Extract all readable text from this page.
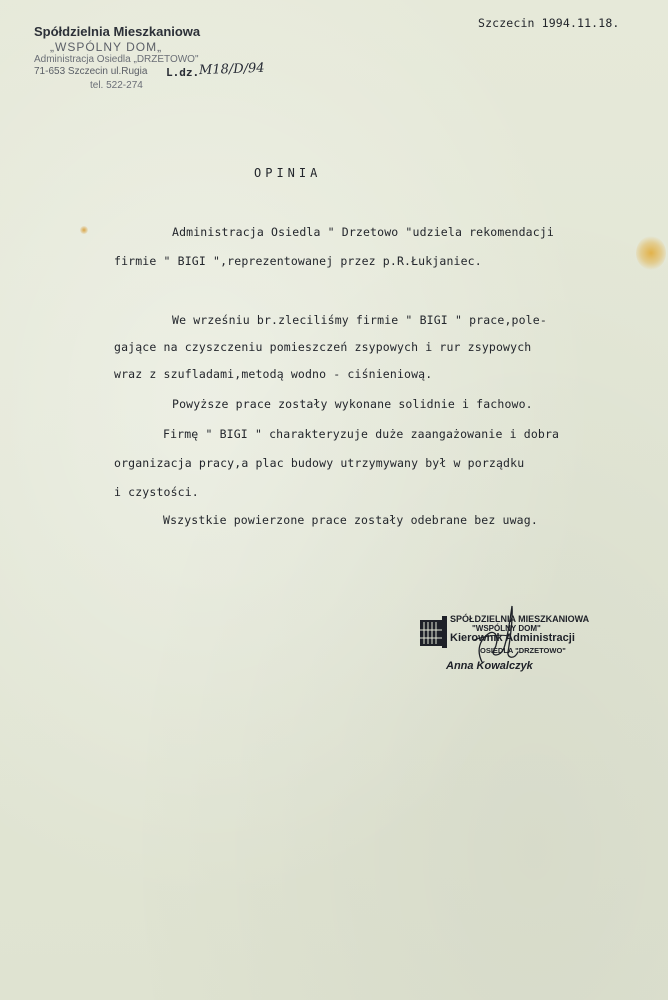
Spółdzielnia Mieszkaniowa
„WSPÓLNY DOM„
Administracja Osiedla „DRZETOWO"
71-653 Szczecin ul.Rugia
tel. 522-274
L.dz. M18/D/94
Szczecin 1994.11.18.
OPINIA
Administracja Osiedla " Drzetowo "udziela rekomendacji
firmie " BIGI ",reprezentowanej przez p.R.Łukjaniec.
We wrześniu br.zleciliśmy firmie " BIGI " prace,pole-
gające na czyszczeniu pomieszczeń zsypowych i rur zsypowych
wraz z szufladami,metodą wodno - ciśnieniową.
Powyższe prace zostały wykonane solidnie i fachowo.
Firmę " BIGI " charakteryzuje duże zaangażowanie i dobra
organizacja pracy,a plac budowy utrzymywany był w porządku
i czystości.
Wszystkie powierzone prace zostały odebrane bez uwag.
SPÓŁDZIELNIA MIESZKANIOWA
"WSPÓLNY DOM"
Kierownik Administracji
OSIEDLA "DRZETOWO"
Anna Kowalczyk
